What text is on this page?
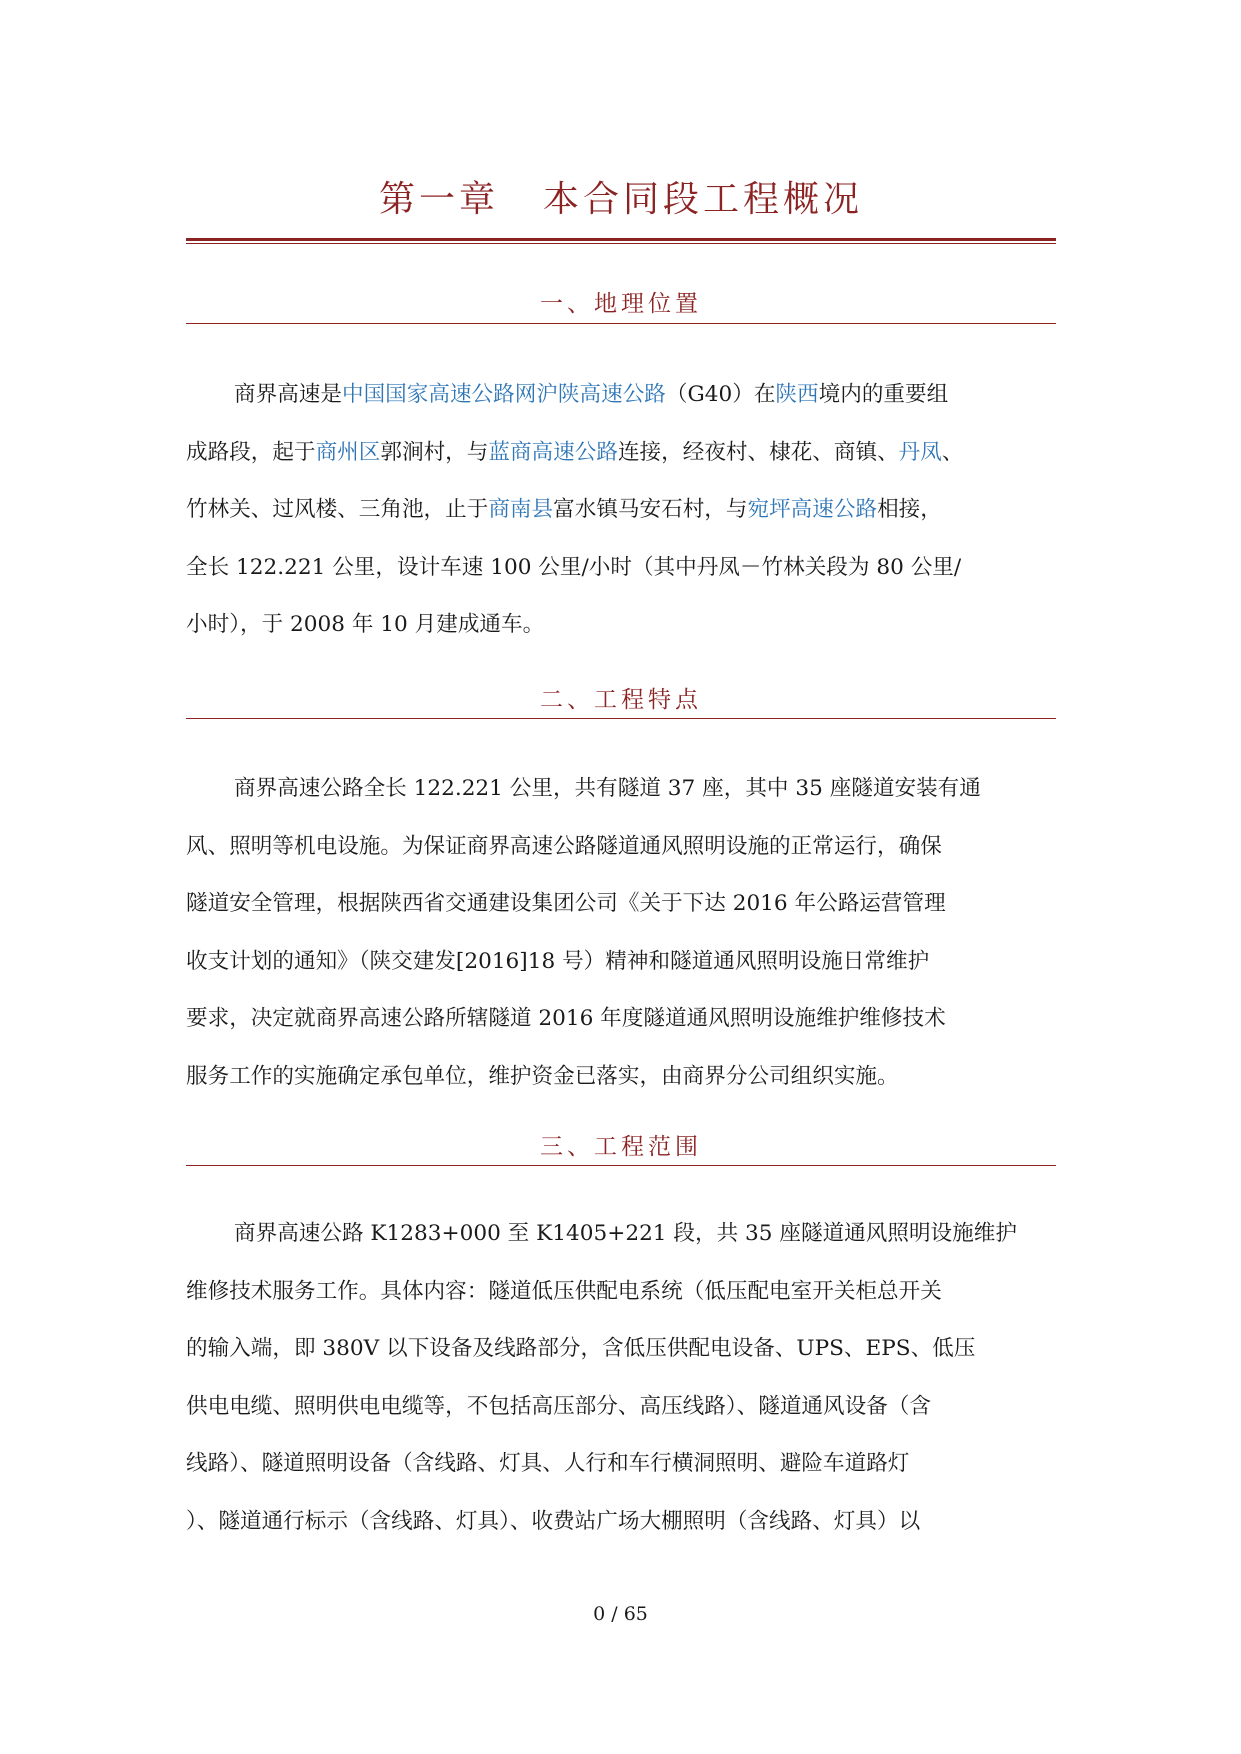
第一章 本合同段工程概况
一、地理位置
商界高速是中国国家高速公路网沪陕高速公路（G40）在陕西境内的重要组
成路段，起于商州区郭涧村，与蓝商高速公路连接，经夜村、棣花、商镇、丹凤、
竹林关、过风楼、三角池，止于商南县富水镇马安石村，与宛坪高速公路相接，
全长 122.221 公里，设计车速 100 公里/小时（其中丹凤－竹林关段为 80 公里/
小时），于 2008 年 10 月建成通车。
二、工程特点
商界高速公路全长 122.221 公里，共有隧道 37 座，其中 35 座隧道安装有通
风、照明等机电设施。为保证商界高速公路隧道通风照明设施的正常运行，确保
隧道安全管理，根据陕西省交通建设集团公司《关于下达 2016 年公路运营管理
收支计划的通知》（陕交建发[2016]18 号）精神和隧道通风照明设施日常维护
要求，决定就商界高速公路所辖隧道 2016 年度隧道通风照明设施维护维修技术
服务工作的实施确定承包单位，维护资金已落实，由商界分公司组织实施。
三、工程范围
商界高速公路 K1283+000 至 K1405+221 段，共 35 座隧道通风照明设施维护
维修技术服务工作。具体内容：隧道低压供配电系统（低压配电室开关柜总开关
的输入端，即 380V 以下设备及线路部分，含低压供配电设备、UPS、EPS、低压
供电电缆、照明供电电缆等，不包括高压部分、高压线路）、隧道通风设备（含
线路）、隧道照明设备（含线路、灯具、人行和车行横洞照明、避险车道路灯
）、隧道通行标示（含线路、灯具）、收费站广场大棚照明（含线路、灯具）以
0 / 65
